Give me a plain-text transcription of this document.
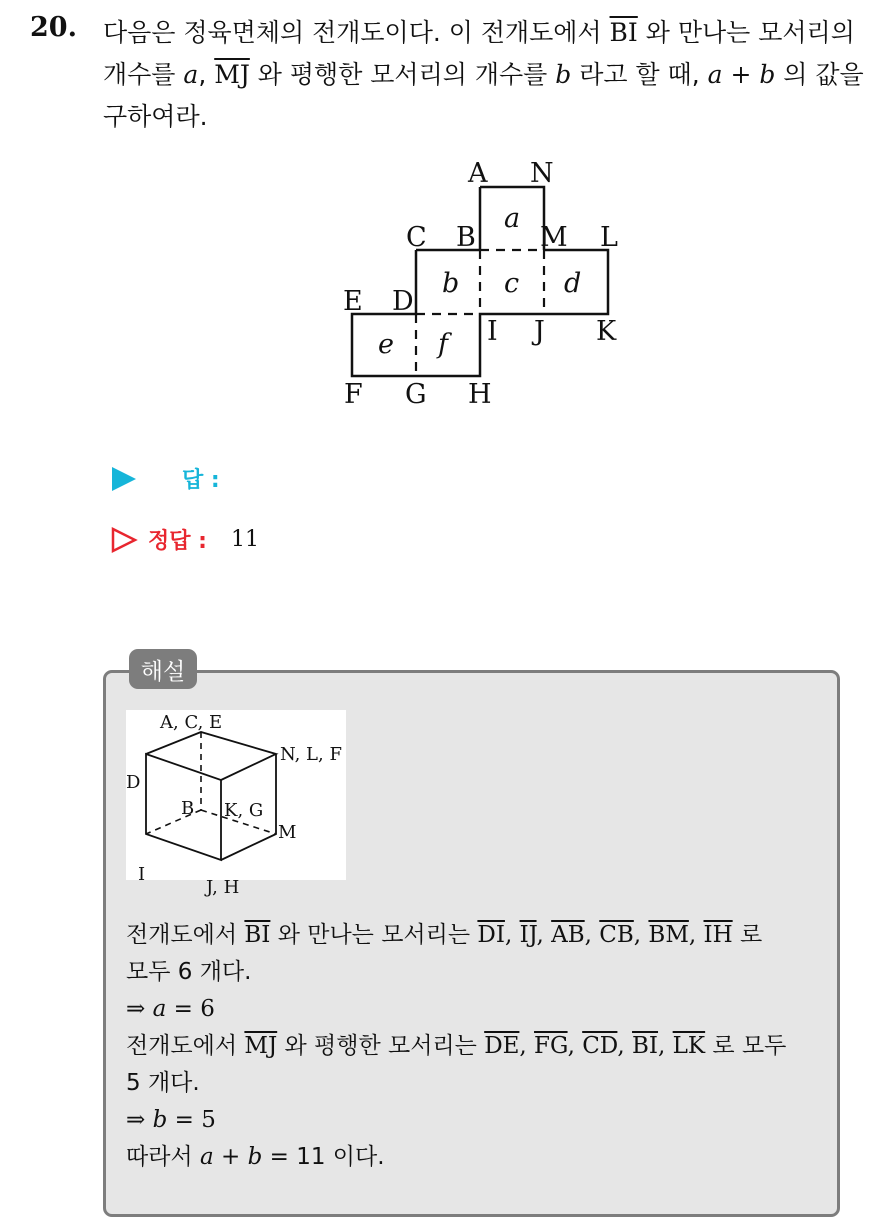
20. 다음은 정육면체의 전개도이다. 이 전개도에서 $\overline{BI}$ 와 만나는 모서리의

개수를 a, $\overline{MJ}$ 와 평행한 모서리의 개수를 b 라고 할 때, a + b 의 값을

구하여라.

A N
C B M L
E D
I J K
F G H
a
b c d
e f
답 :
정답 : 11
해설
A, C, E
N, L, F
D
B K, G
M
I
J, H

전개도에서 $\overline{BI}$ 와 만나는 모서리는 $\overline{DI}$, $\overline{IJ}$, $\overline{AB}$, $\overline{CB}$, $\overline{BM}$, $\overline{IH}$ 로

모두 6 개다.

⇒ a = 6

전개도에서 $\overline{MJ}$ 와 평행한 모서리는 $\overline{DE}$, $\overline{FG}$, $\overline{CD}$, $\overline{BI}$, $\overline{LK}$ 로 모두

5 개다.

⇒ b = 5

따라서 a + b = 11 이다.
